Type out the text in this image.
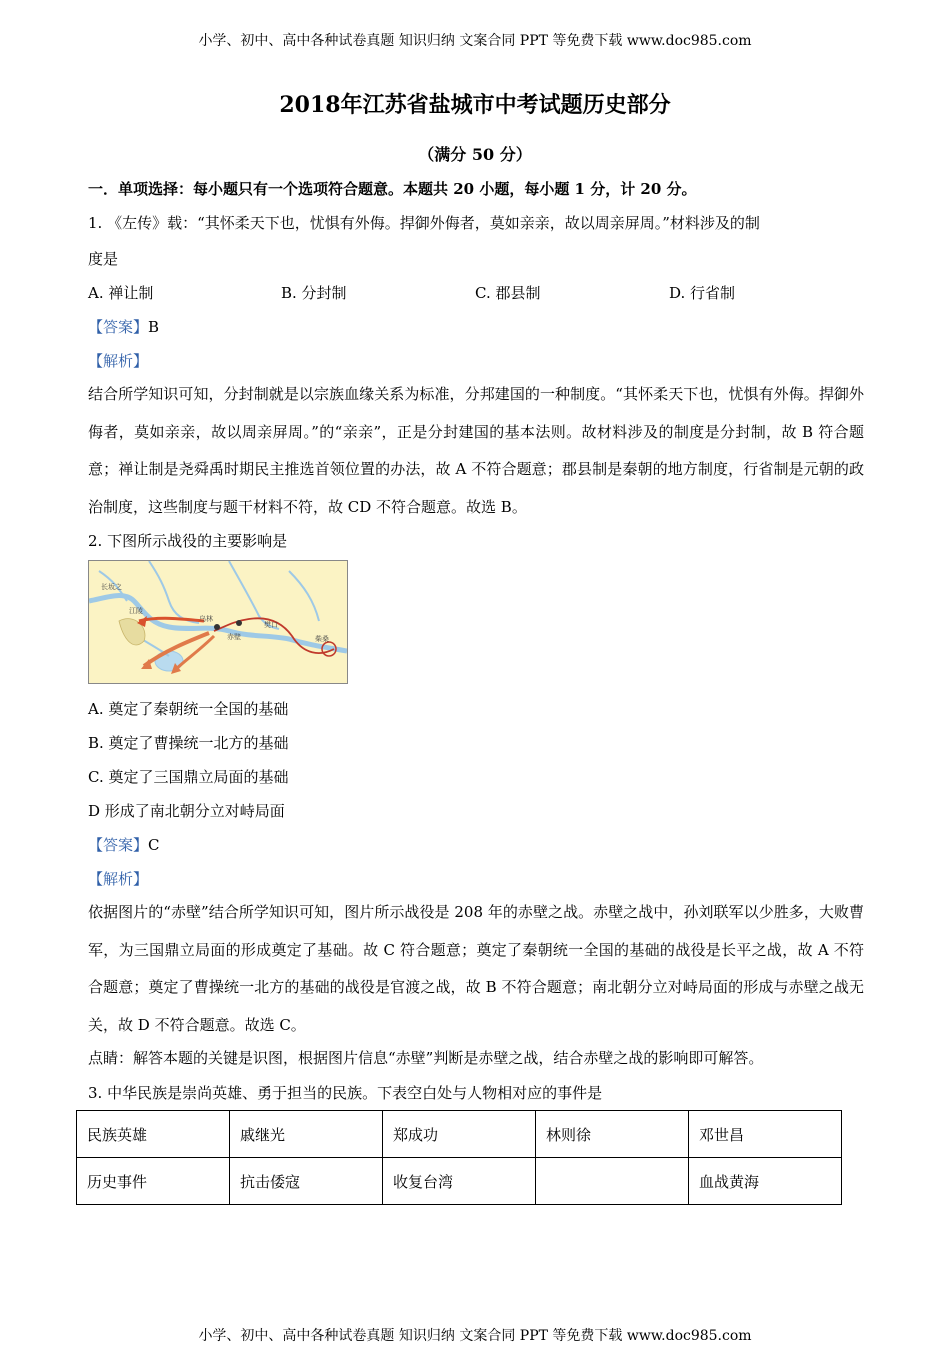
小学、初中、高中各种试卷真题 知识归纳 文案合同 PPT 等免费下载 www.doc985.com
2018年江苏省盐城市中考试题历史部分
（满分 50 分）
一．单项选择：每小题只有一个选项符合题意。本题共 20 小题，每小题 1 分，计 20 分。
1. 《左传》载：“其怀柔天下也，忧惧有外侮。捍御外侮者，莫如亲亲，故以周亲屏周。”材料涉及的制
度是
A. 禅让制	B. 分封制	C. 郡县制	D. 行省制
【答案】B
【解析】
结合所学知识可知，分封制就是以宗族血缘关系为标准，分邦建国的一种制度。“其怀柔天下也，忧惧有外侮。捍御外侮者，莫如亲亲，故以周亲屏周。”的“亲亲”，正是分封建国的基本法则。故材料涉及的制度是分封制，故 B 符合题意；禅让制是尧舜禹时期民主推选首领位置的办法，故 A 不符合题意；郡县制是秦朝的地方制度，行省制是元朝的政治制度，这些制度与题干材料不符，故 CD 不符合题意。故选 B。
2. 下图所示战役的主要影响是
长坂之
江陵
乌林
赤壁
樊口
柴桑
A. 奠定了秦朝统一全国的基础
B. 奠定了曹操统一北方的基础
C. 奠定了三国鼎立局面的基础
D 形成了南北朝分立对峙局面
【答案】C
【解析】
依据图片的“赤壁”结合所学知识可知，图片所示战役是 208 年的赤壁之战。赤壁之战中，孙刘联军以少胜多，大败曹军，为三国鼎立局面的形成奠定了基础。故 C 符合题意；奠定了秦朝统一全国的基础的战役是长平之战，故 A 不符合题意；奠定了曹操统一北方的基础的战役是官渡之战，故 B 不符合题意；南北朝分立对峙局面的形成与赤壁之战无关，故 D 不符合题意。故选 C。
点睛：解答本题的关键是识图，根据图片信息“赤壁”判断是赤壁之战，结合赤壁之战的影响即可解答。
3. 中华民族是崇尚英雄、勇于担当的民族。下表空白处与人物相对应的事件是
民族英雄	戚继光	郑成功	林则徐	邓世昌
历史事件	抗击倭寇	收复台湾		血战黄海
小学、初中、高中各种试卷真题 知识归纳 文案合同 PPT 等免费下载 www.doc985.com
